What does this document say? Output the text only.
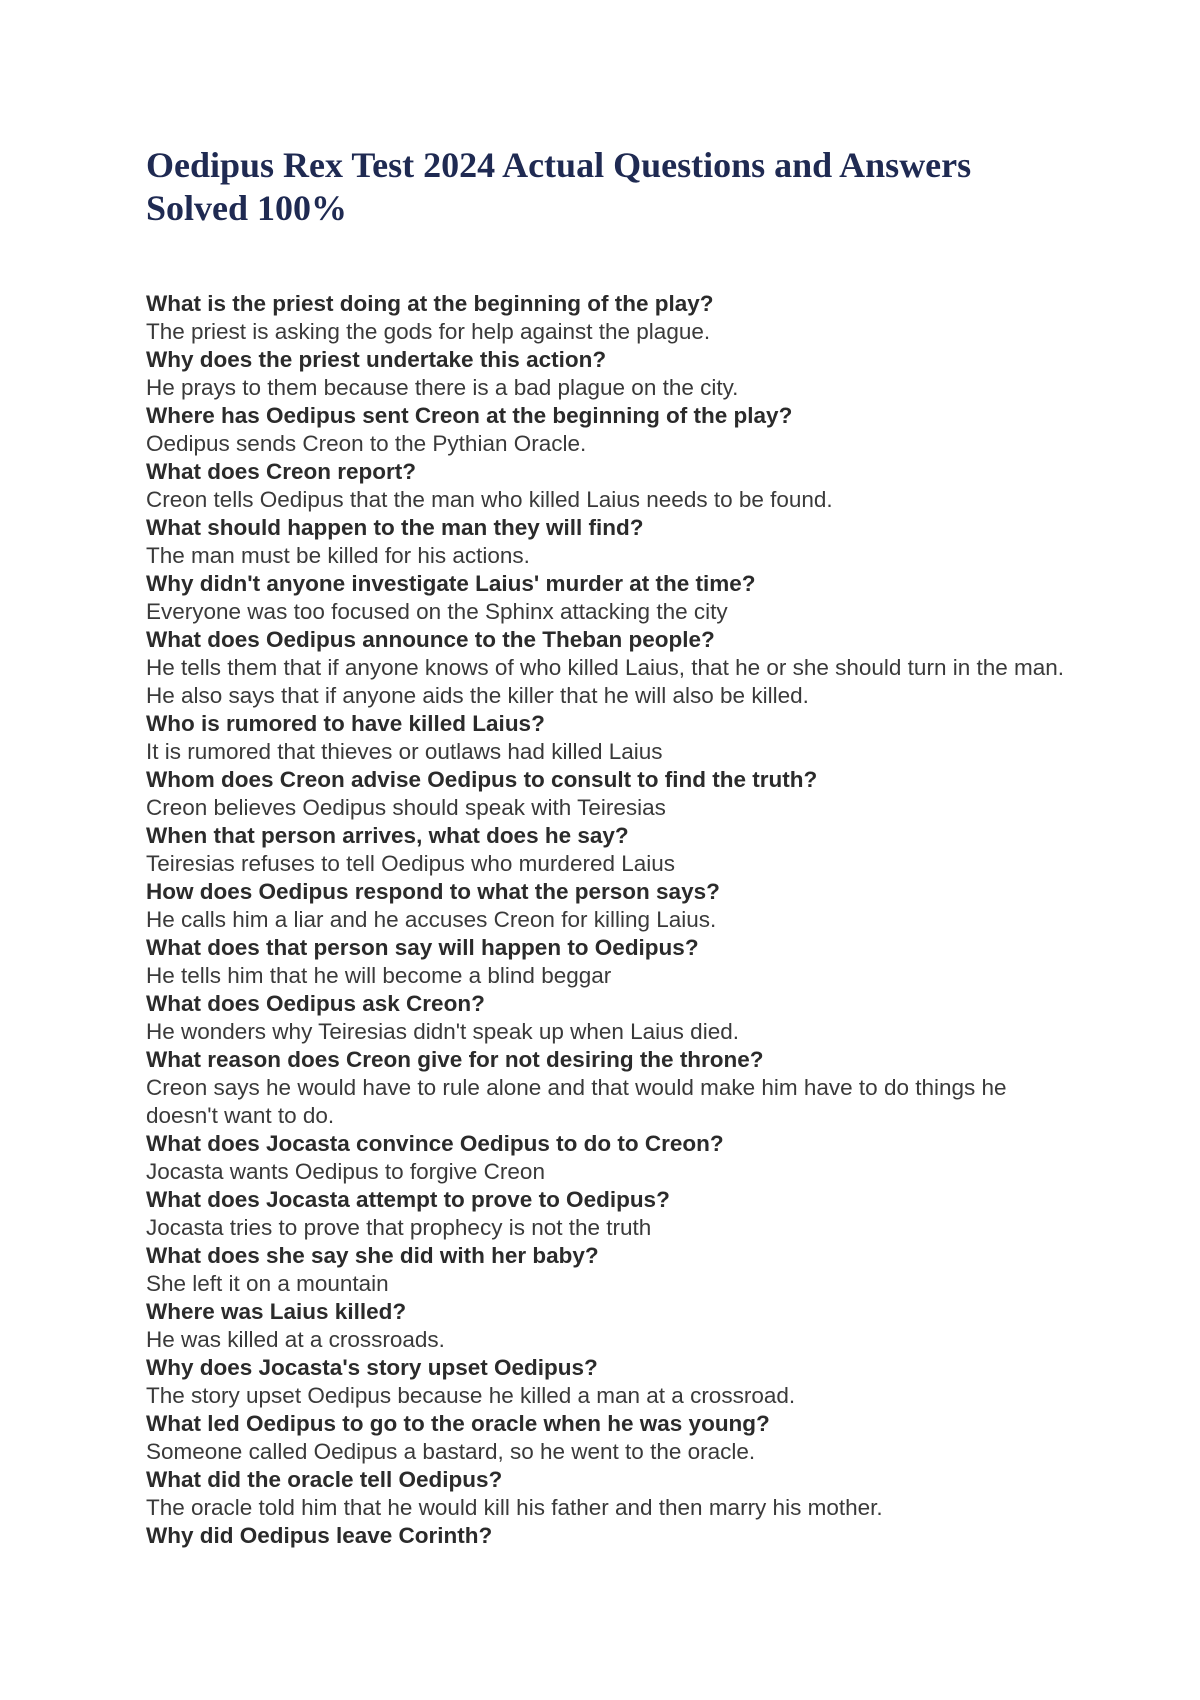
Oedipus Rex Test 2024 Actual Questions and Answers Solved 100%
What is the priest doing at the beginning of the play?
The priest is asking the gods for help against the plague.
Why does the priest undertake this action?
He prays to them because there is a bad plague on the city.
Where has Oedipus sent Creon at the beginning of the play?
Oedipus sends Creon to the Pythian Oracle.
What does Creon report?
Creon tells Oedipus that the man who killed Laius needs to be found.
What should happen to the man they will find?
The man must be killed for his actions.
Why didn't anyone investigate Laius' murder at the time?
Everyone was too focused on the Sphinx attacking the city
What does Oedipus announce to the Theban people?
He tells them that if anyone knows of who killed Laius, that he or she should turn in the man. He also says that if anyone aids the killer that he will also be killed.
Who is rumored to have killed Laius?
It is rumored that thieves or outlaws had killed Laius
Whom does Creon advise Oedipus to consult to find the truth?
Creon believes Oedipus should speak with Teiresias
When that person arrives, what does he say?
Teiresias refuses to tell Oedipus who murdered Laius
How does Oedipus respond to what the person says?
He calls him a liar and he accuses Creon for killing Laius.
What does that person say will happen to Oedipus?
He tells him that he will become a blind beggar
What does Oedipus ask Creon?
He wonders why Teiresias didn't speak up when Laius died.
What reason does Creon give for not desiring the throne?
Creon says he would have to rule alone and that would make him have to do things he doesn't want to do.
What does Jocasta convince Oedipus to do to Creon?
Jocasta wants Oedipus to forgive Creon
What does Jocasta attempt to prove to Oedipus?
Jocasta tries to prove that prophecy is not the truth
What does she say she did with her baby?
She left it on a mountain
Where was Laius killed?
He was killed at a crossroads.
Why does Jocasta's story upset Oedipus?
The story upset Oedipus because he killed a man at a crossroad.
What led Oedipus to go to the oracle when he was young?
Someone called Oedipus a bastard, so he went to the oracle.
What did the oracle tell Oedipus?
The oracle told him that he would kill his father and then marry his mother.
Why did Oedipus leave Corinth?
